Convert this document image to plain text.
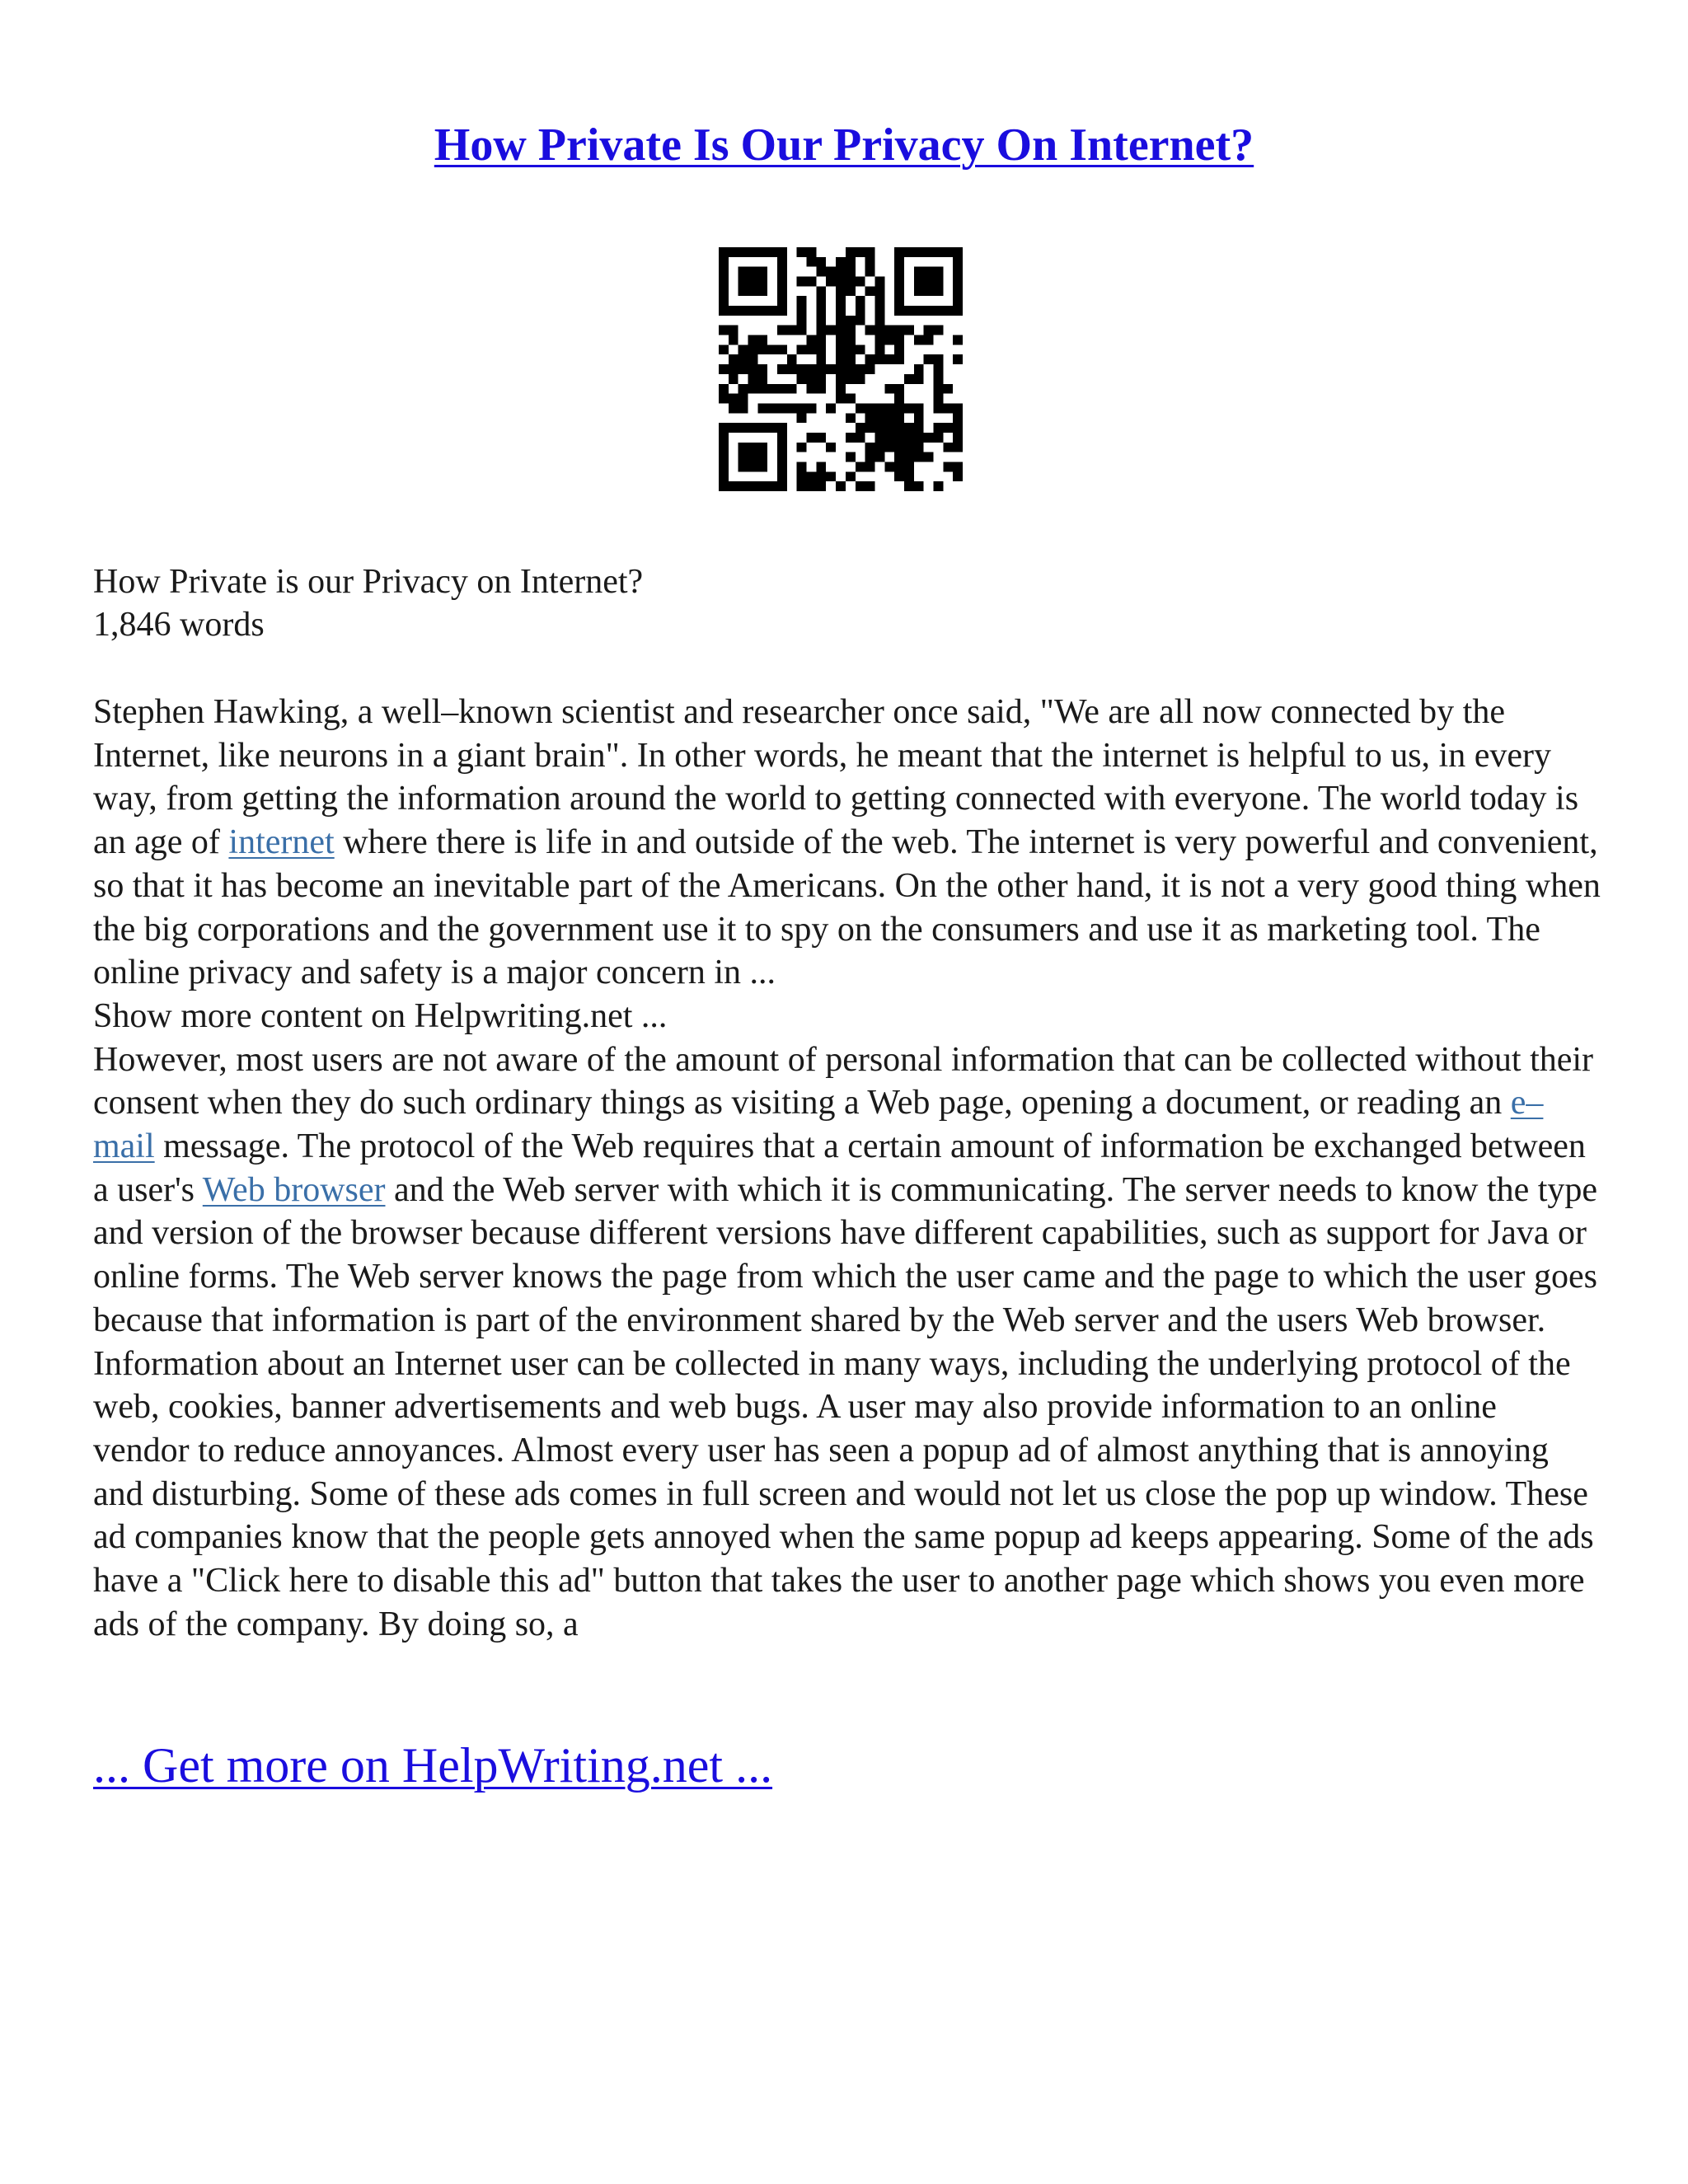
How Private Is Our Privacy On Internet?
How Private is our Privacy on Internet?
1,846 words

Stephen Hawking, a well–known scientist and researcher once said, "We are all now connected by the Internet, like neurons in a giant brain". In other words, he meant that the internet is helpful to us, in every way, from getting the information around the world to getting connected with everyone. The world today is an age of internet where there is life in and outside of the web. The internet is very powerful and convenient, so that it has become an inevitable part of the Americans. On the other hand, it is not a very good thing when the big corporations and the government use it to spy on the consumers and use it as marketing tool. The online privacy and safety is a major concern in ...

Show more content on Helpwriting.net ...

However, most users are not aware of the amount of personal information that can be collected without their consent when they do such ordinary things as visiting a Web page, opening a document, or reading an e–mail message. The protocol of the Web requires that a certain amount of information be exchanged between a user's Web browser and the Web server with which it is communicating. The server needs to know the type and version of the browser because different versions have different capabilities, such as support for Java or online forms. The Web server knows the page from which the user came and the page to which the user goes because that information is part of the environment shared by the Web server and the users Web browser.

Information about an Internet user can be collected in many ways, including the underlying protocol of the web, cookies, banner advertisements and web bugs. A user may also provide information to an online vendor to reduce annoyances. Almost every user has seen a popup ad of almost anything that is annoying and disturbing. Some of these ads comes in full screen and would not let us close the pop up window. These ad companies know that the people gets annoyed when the same popup ad keeps appearing. Some of the ads have a "Click here to disable this ad" button that takes the user to another page which shows you even more ads of the company. By doing so, a

... Get more on HelpWriting.net ...
